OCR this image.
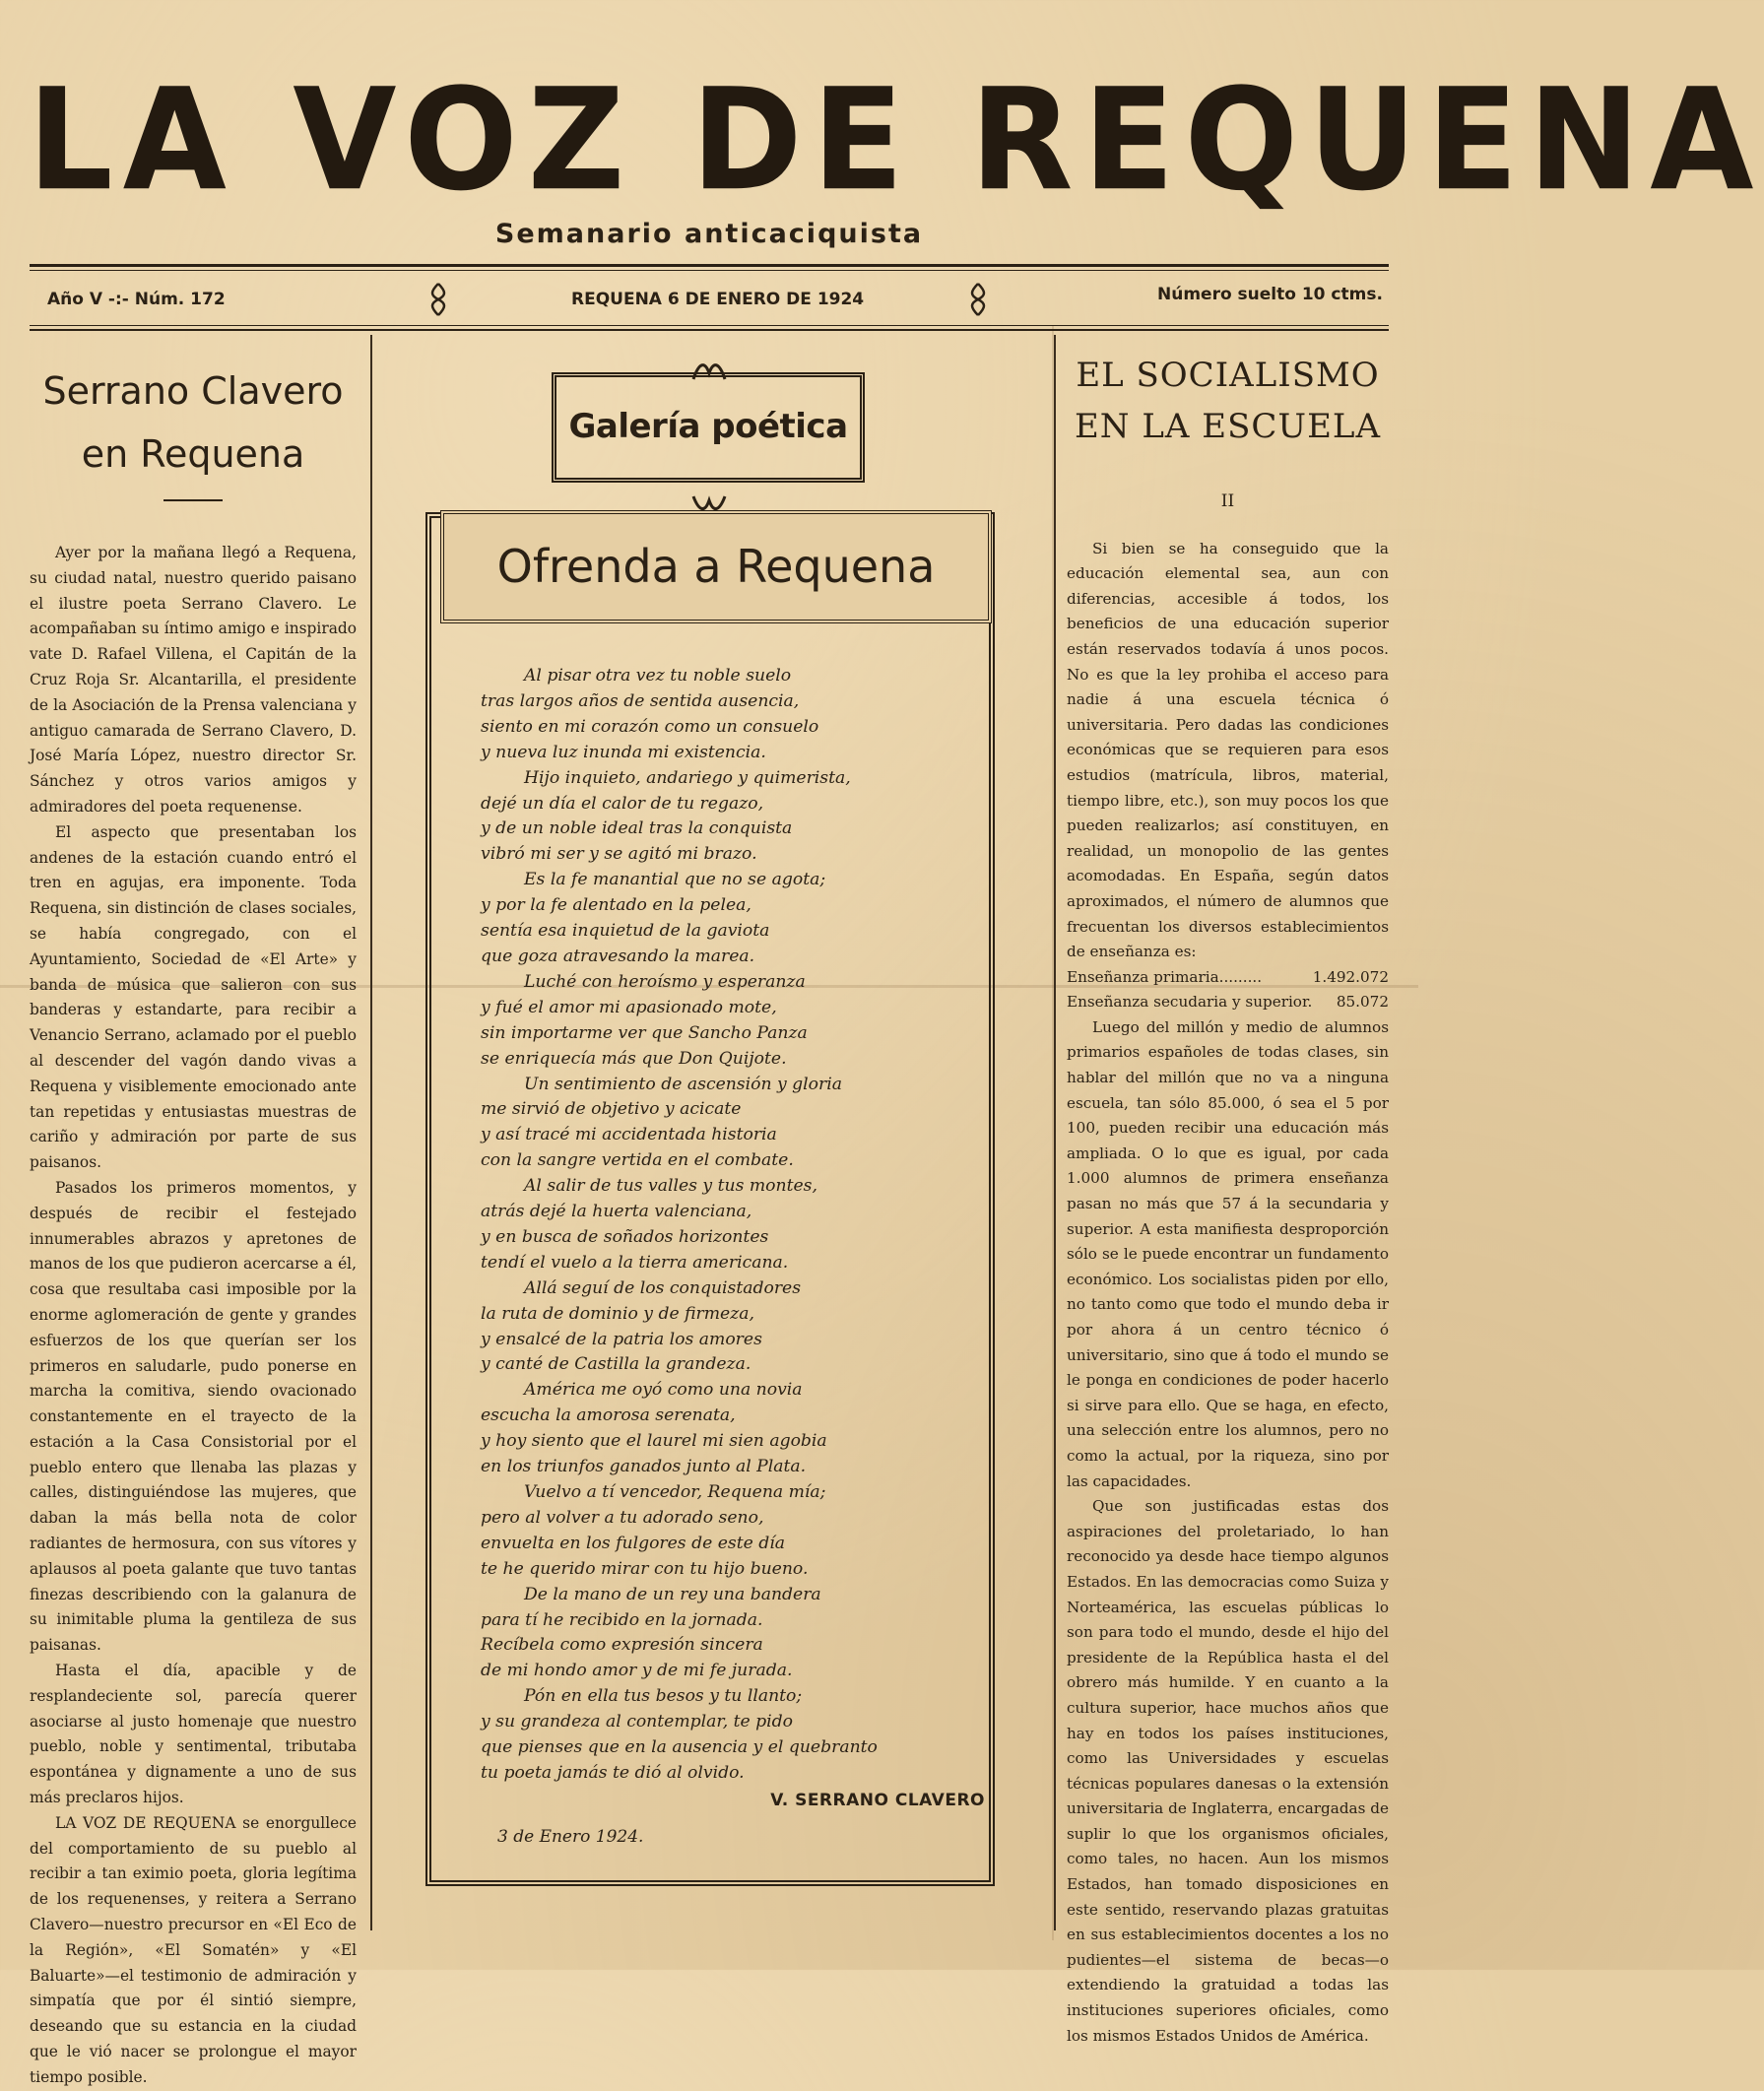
LA VOZ DE REQUENA
Semanario anticaciquista
Año V -:- Núm. 172	REQUENA 6 DE ENERO DE 1924	Número suelto 10 ctms.
Serrano Clavero
en Requena

Ayer por la mañana llegó a Requena, su ciudad natal, nuestro querido paisano el ilustre poeta Serrano Clavero. Le acompañaban su íntimo amigo e inspirado vate D. Rafael Villena, el Capitán de la Cruz Roja Sr. Alcantarilla, el presidente de la Asociación de la Prensa valenciana y antiguo camarada de Serrano Clavero, D. José María López, nuestro director Sr. Sánchez y otros varios amigos y admiradores del poeta requenense.

El aspecto que presentaban los andenes de la estación cuando entró el tren en agujas, era imponente. Toda Requena, sin distinción de clases sociales, se había congregado, con el Ayuntamiento, Sociedad de «El Arte» y banda de música que salieron con sus banderas y estandarte, para recibir a Venancio Serrano, aclamado por el pueblo al descender del vagón dando vivas a Requena y visiblemente emocionado ante tan repetidas y entusiastas muestras de cariño y admiración por parte de sus paisanos.

Pasados los primeros momentos, y después de recibir el festejado innumerables abrazos y apretones de manos de los que pudieron acercarse a él, cosa que resultaba casi imposible por la enorme aglomeración de gente y grandes esfuerzos de los que querían ser los primeros en saludarle, pudo ponerse en marcha la comitiva, siendo ovacionado constantemente en el trayecto de la estación a la Casa Consistorial por el pueblo entero que llenaba las plazas y calles, distinguiéndose las mujeres, que daban la más bella nota de color radiantes de hermosura, con sus vítores y aplausos al poeta galante que tuvo tantas finezas describiendo con la galanura de su inimitable pluma la gentileza de sus paisanas.

Hasta el día, apacible y de resplandeciente sol, parecía querer asociarse al justo homenaje que nuestro pueblo, noble y sentimental, tributaba espontánea y dignamente a uno de sus más preclaros hijos.

LA VOZ DE REQUENA se enorgullece del comportamiento de su pueblo al recibir a tan eximio poeta, gloria legítima de los requenenses, y reitera a Serrano Clavero—nuestro precursor en «El Eco de la Región», «El Somatén» y «El Baluarte»—el testimonio de admiración y simpatía que por él sintió siempre, deseando que su estancia en la ciudad que le vió nacer se prolongue el mayor tiempo posible.

Galería poética
Ofrenda a Requena
Al pisar otra vez tu noble suelo
tras largos años de sentida ausencia,
siento en mi corazón como un consuelo
y nueva luz inunda mi existencia.
Hijo inquieto, andariego y quimerista,
dejé un día el calor de tu regazo,
y de un noble ideal tras la conquista
vibró mi ser y se agitó mi brazo.
Es la fe manantial que no se agota;
y por la fe alentado en la pelea,
sentía esa inquietud de la gaviota
que goza atravesando la marea.
Luché con heroísmo y esperanza
y fué el amor mi apasionado mote,
sin importarme ver que Sancho Panza
se enriquecía más que Don Quijote.
Un sentimiento de ascensión y gloria
me sirvió de objetivo y acicate
y así tracé mi accidentada historia
con la sangre vertida en el combate.
Al salir de tus valles y tus montes,
atrás dejé la huerta valenciana,
y en busca de soñados horizontes
tendí el vuelo a la tierra americana.
Allá seguí de los conquistadores
la ruta de dominio y de firmeza,
y ensalcé de la patria los amores
y canté de Castilla la grandeza.
América me oyó como una novia
escucha la amorosa serenata,
y hoy siento que el laurel mi sien agobia
en los triunfos ganados junto al Plata.
Vuelvo a tí vencedor, Requena mía;
pero al volver a tu adorado seno,
envuelta en los fulgores de este día
te he querido mirar con tu hijo bueno.
De la mano de un rey una bandera
para tí he recibido en la jornada.
Recíbela como expresión sincera
de mi hondo amor y de mi fe jurada.
Pón en ella tus besos y tu llanto;
y su grandeza al contemplar, te pido
que pienses que en la ausencia y el quebranto
tu poeta jamás te dió al olvido.
V. SERRANO CLAVERO
3 de Enero 1924.
EL SOCIALISMO
EN LA ESCUELA
II

Si bien se ha conseguido que la educación elemental sea, aun con diferencias, accesible á todos, los beneficios de una educación superior están reservados todavía á unos pocos. No es que la ley prohiba el acceso para nadie á una escuela técnica ó universitaria. Pero dadas las condiciones económicas que se requieren para esos estudios (matrícula, libros, material, tiempo libre, etc.), son muy pocos los que pueden realizarlos; así constituyen, en realidad, un monopolio de las gentes acomodadas. En España, según datos aproximados, el número de alumnos que frecuentan los diversos establecimientos de enseñanza es:

Enseñanza primaria.........	1.492.072
Enseñanza secudaria y superior. 85.072

Luego del millón y medio de alumnos primarios españoles de todas clases, sin hablar del millón que no va a ninguna escuela, tan sólo 85.000, ó sea el 5 por 100, pueden recibir una educación más ampliada. O lo que es igual, por cada 1.000 alumnos de primera enseñanza pasan no más que 57 á la secundaria y superior. A esta manifiesta desproporción sólo se le puede encontrar un fundamento económico. Los socialistas piden por ello, no tanto como que todo el mundo deba ir por ahora á un centro técnico ó universitario, sino que á todo el mundo se le ponga en condiciones de poder hacerlo si sirve para ello. Que se haga, en efecto, una selección entre los alumnos, pero no como la actual, por la riqueza, sino por las capacidades.

Que son justificadas estas dos aspiraciones del proletariado, lo han reconocido ya desde hace tiempo algunos Estados. En las democracias como Suiza y Norteamérica, las escuelas públicas lo son para todo el mundo, desde el hijo del presidente de la República hasta el del obrero más humilde. Y en cuanto a la cultura superior, hace muchos años que hay en todos los países instituciones, como las Universidades y escuelas técnicas populares danesas o la extensión universitaria de Inglaterra, encargadas de suplir lo que los organismos oficiales, como tales, no hacen. Aun los mismos Estados, han tomado disposiciones en este sentido, reservando plazas gratuitas en sus establecimientos docentes a los no pudientes—el sistema de becas—o extendiendo la gratuidad a todas las instituciones superiores oficiales, como los mismos Estados Unidos de América.
